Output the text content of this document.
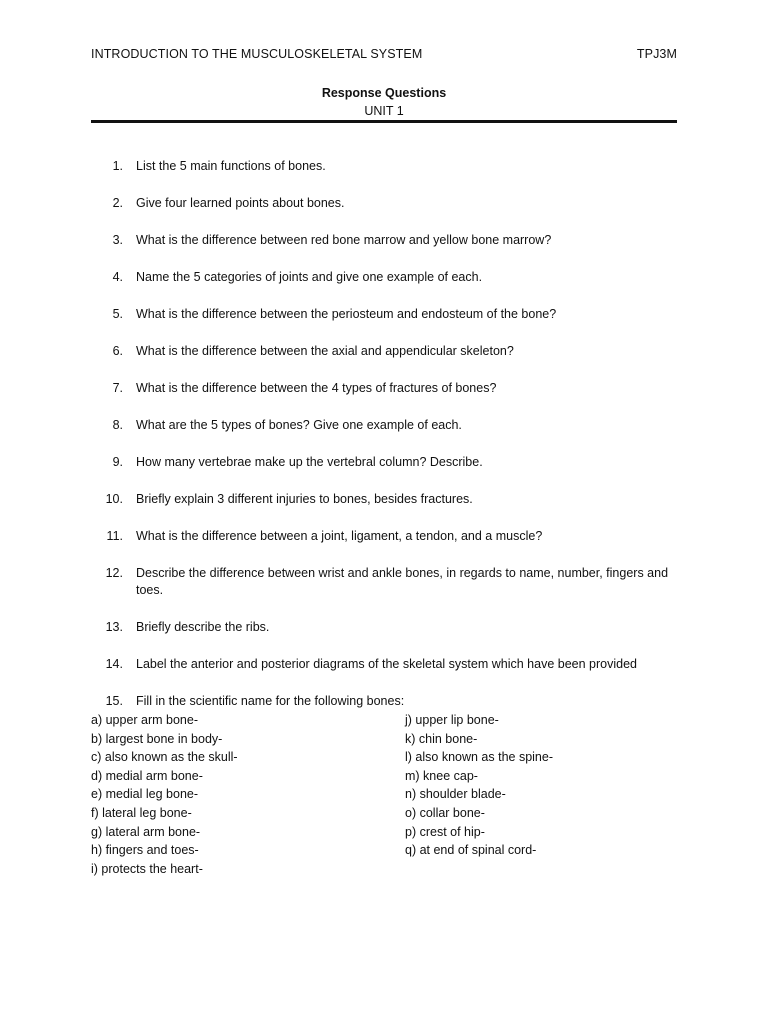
INTRODUCTION TO THE MUSCULOSKELETAL SYSTEM	TPJ3M
Response Questions
UNIT 1
1. List the 5 main functions of bones.
2. Give four learned points about bones.
3. What is the difference between red bone marrow and yellow bone marrow?
4. Name the 5 categories of joints and give one example of each.
5. What is the difference between the periosteum and endosteum of the bone?
6. What is the difference between the axial and appendicular skeleton?
7. What is the difference between the 4 types of fractures of bones?
8. What are the 5 types of bones? Give one example of each.
9. How many vertebrae make up the vertebral column? Describe.
10. Briefly explain 3 different injuries to bones, besides fractures.
11. What is the difference between a joint, ligament, a tendon, and a muscle?
12. Describe the difference between wrist and ankle bones, in regards to name, number, fingers and toes.
13. Briefly describe the ribs.
14. Label the anterior and posterior diagrams of the skeletal system which have been provided
15. Fill in the scientific name for the following bones:
a) upper arm bone-
b) largest bone in body-
c) also known as the skull-
d) medial arm bone-
e) medial leg bone-
f) lateral leg bone-
g) lateral arm bone-
h) fingers and toes-
i) protects the heart-
j) upper lip bone-
k) chin bone-
l) also known as the spine-
m) knee cap-
n) shoulder blade-
o) collar bone-
p) crest of hip-
q) at end of spinal cord-
